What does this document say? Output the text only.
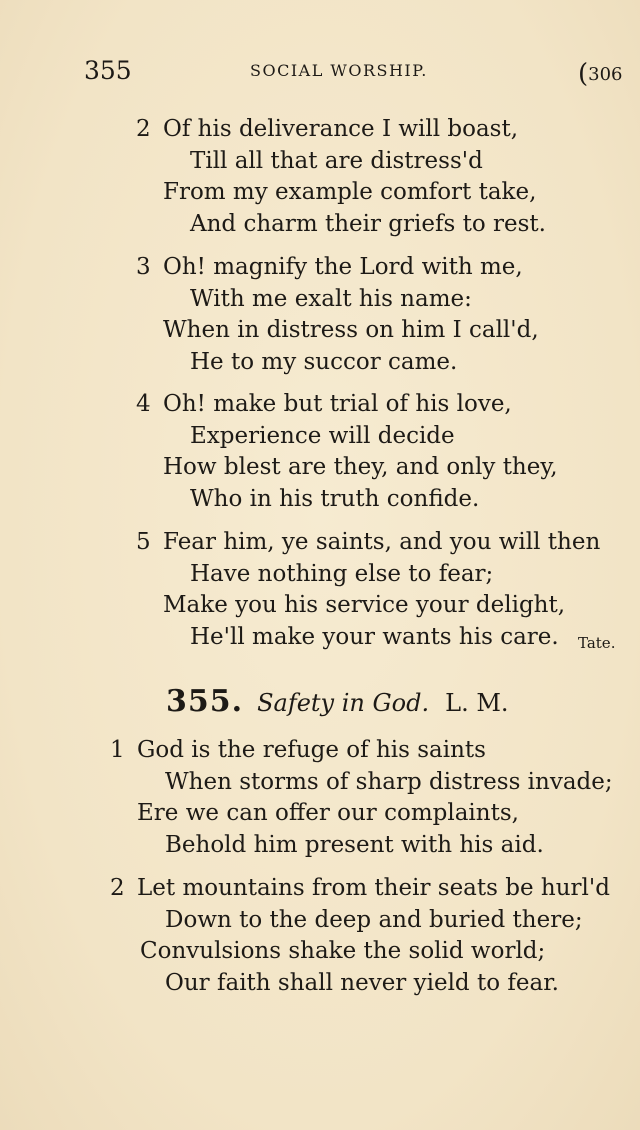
355	SOCIAL WORSHIP.	(306
2 Of his deliverance I will boast,
Till all that are distress'd
From my example comfort take,
And charm their griefs to rest.
3 Oh! magnify the Lord with me,
With me exalt his name:
When in distress on him I call'd,
He to my succor came.
4 Oh! make but trial of his love,
Experience will decide
How blest are they, and only they,
Who in his truth confide.
5 Fear him, ye saints, and you will then
Have nothing else to fear;
Make you his service your delight,
He'll make your wants his care.	Tate.
355. Safety in God. L. M.
1 God is the refuge of his saints
When storms of sharp distress invade;
Ere we can offer our complaints,
Behold him present with his aid.
2 Let mountains from their seats be hurl'd
Down to the deep and buried there;
Convulsions shake the solid world;
Our faith shall never yield to fear.
